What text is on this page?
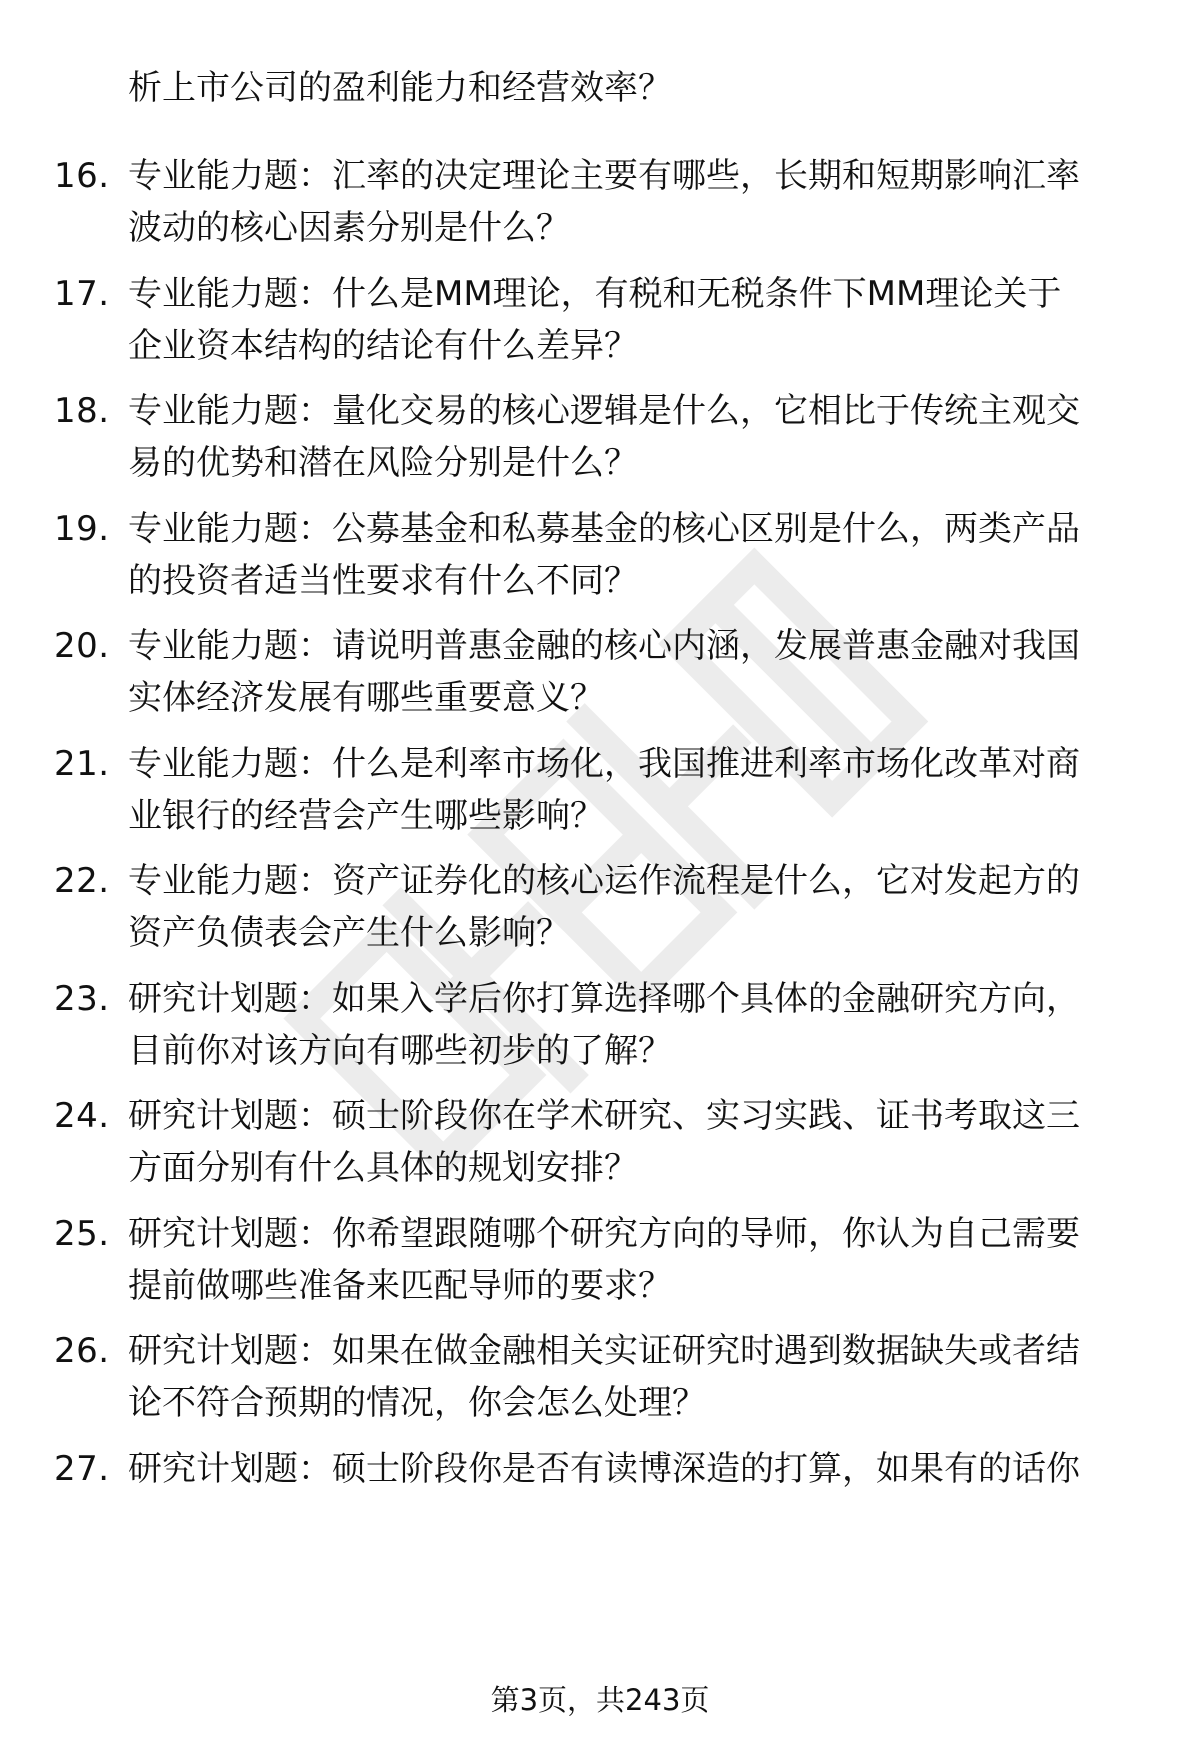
析上市公司的盈利能力和经营效率？
16. 专业能力题：汇率的决定理论主要有哪些，长期和短期影响汇率
波动的核心因素分别是什么？
17. 专业能力题：什么是MM理论，有税和无税条件下MM理论关于
企业资本结构的结论有什么差异？
18. 专业能力题：量化交易的核心逻辑是什么，它相比于传统主观交
易的优势和潜在风险分别是什么？
19. 专业能力题：公募基金和私募基金的核心区别是什么，两类产品
的投资者适当性要求有什么不同？
20. 专业能力题：请说明普惠金融的核心内涵，发展普惠金融对我国
实体经济发展有哪些重要意义？
21. 专业能力题：什么是利率市场化，我国推进利率市场化改革对商
业银行的经营会产生哪些影响？
22. 专业能力题：资产证券化的核心运作流程是什么，它对发起方的
资产负债表会产生什么影响？
23. 研究计划题：如果入学后你打算选择哪个具体的金融研究方向，
目前你对该方向有哪些初步的了解？
24. 研究计划题：硕士阶段你在学术研究、实习实践、证书考取这三
方面分别有什么具体的规划安排？
25. 研究计划题：你希望跟随哪个研究方向的导师，你认为自己需要
提前做哪些准备来匹配导师的要求？
26. 研究计划题：如果在做金融相关实证研究时遇到数据缺失或者结
论不符合预期的情况，你会怎么处理？
27. 研究计划题：硕士阶段你是否有读博深造的打算，如果有的话你
第3页，共243页
